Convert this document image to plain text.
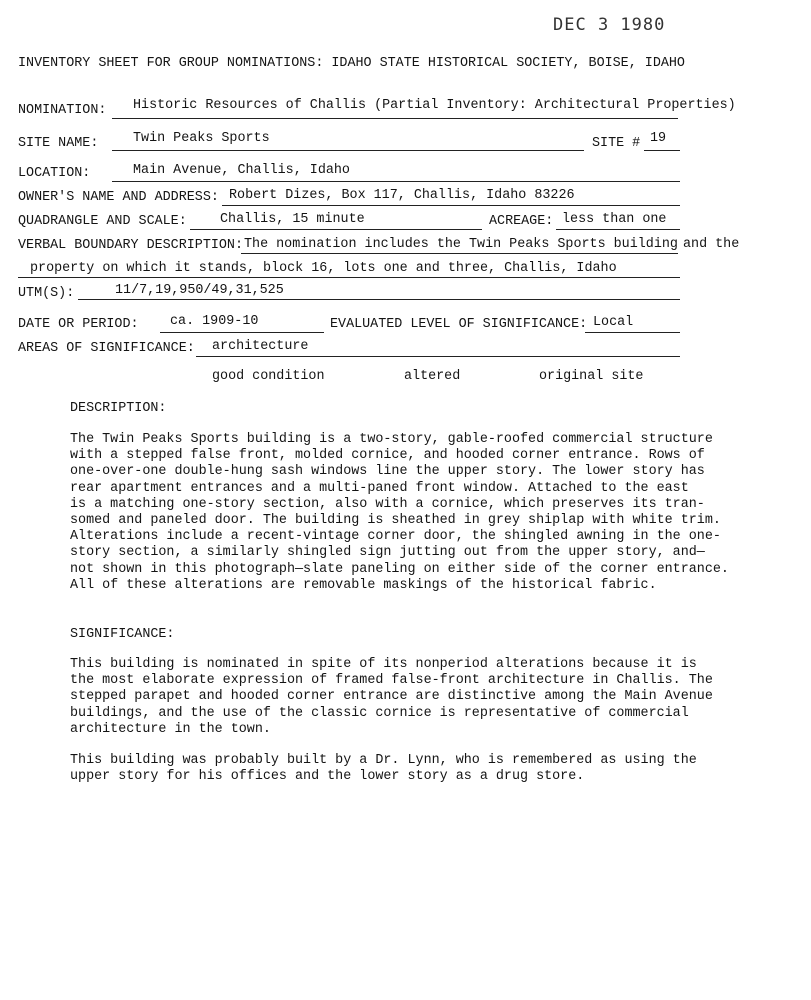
DEC 3 1980
INVENTORY SHEET FOR GROUP NOMINATIONS: IDAHO STATE HISTORICAL SOCIETY, BOISE, IDAHO
NOMINATION: Historic Resources of Challis (Partial Inventory: Architectural Properties)
SITE NAME:	Twin Peaks Sports	SITE # 19
LOCATION:	Main Avenue, Challis, Idaho
OWNER'S NAME AND ADDRESS: Robert Dizes, Box 117, Challis, Idaho 83226
QUADRANGLE AND SCALE: Challis, 15 minute	ACREAGE: less than one
VERBAL BOUNDARY DESCRIPTION: The nomination includes the Twin Peaks Sports building and the
property on which it stands, block 16, lots one and three, Challis, Idaho
UTM(S):	11/7,19,950/49,31,525
DATE OR PERIOD: ca. 1909-10	EVALUATED LEVEL OF SIGNIFICANCE: Local
AREAS OF SIGNIFICANCE: architecture
good condition	altered	original site
DESCRIPTION:
The Twin Peaks Sports building is a two-story, gable-roofed commercial structure
with a stepped false front, molded cornice, and hooded corner entrance. Rows of
one-over-one double-hung sash windows line the upper story. The lower story has
rear apartment entrances and a multi-paned front window. Attached to the east
is a matching one-story section, also with a cornice, which preserves its tran-
somed and paneled door. The building is sheathed in grey shiplap with white trim.
Alterations include a recent-vintage corner door, the shingled awning in the one-
story section, a similarly shingled sign jutting out from the upper story, and—
not shown in this photograph—slate paneling on either side of the corner entrance.
All of these alterations are removable maskings of the historical fabric.
SIGNIFICANCE:
This building is nominated in spite of its nonperiod alterations because it is
the most elaborate expression of framed false-front architecture in Challis. The
stepped parapet and hooded corner entrance are distinctive among the Main Avenue
buildings, and the use of the classic cornice is representative of commercial
architecture in the town.
This building was probably built by a Dr. Lynn, who is remembered as using the
upper story for his offices and the lower story as a drug store.
